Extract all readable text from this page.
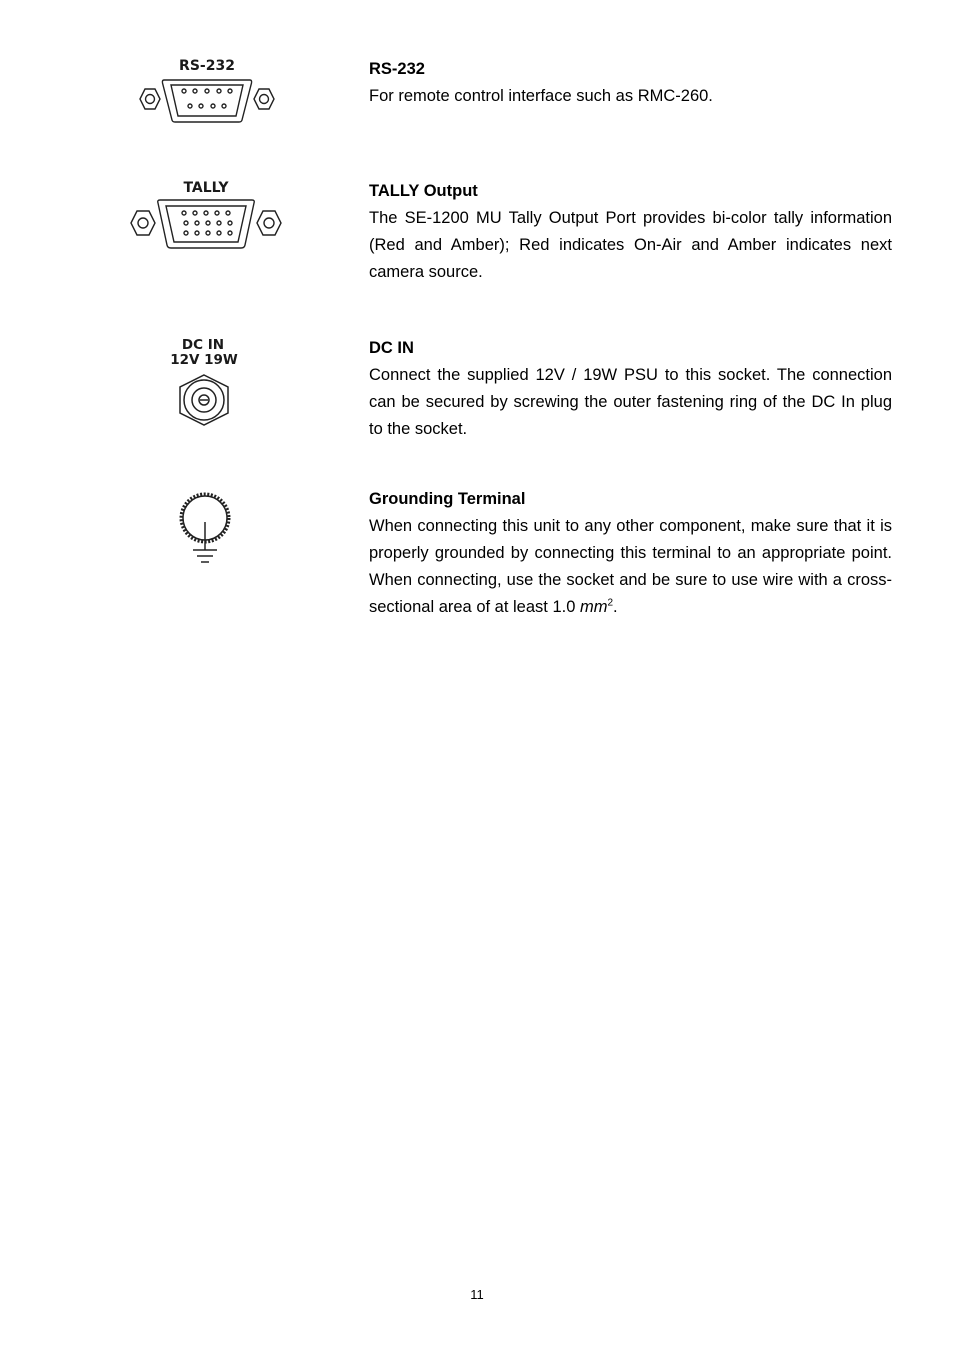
RS-232	RS-232

For remote control interface such as RMC-260.

TALLY	TALLY Output

The SE-1200 MU Tally Output Port provides bi-color tally information (Red and Amber); Red indicates On-Air and Amber indicates next camera source.

DC IN
12V 19W

DC IN

Connect the supplied 12V / 19W PSU to this socket. The connection can be secured by screwing the outer fastening ring of the DC In plug to the socket.

Grounding Terminal

When connecting this unit to any other component, make sure that it is properly grounded by connecting this terminal to an appropriate point. When connecting, use the socket and be sure to use wire with a cross-sectional area of at least 1.0 $mm^2$.

11
